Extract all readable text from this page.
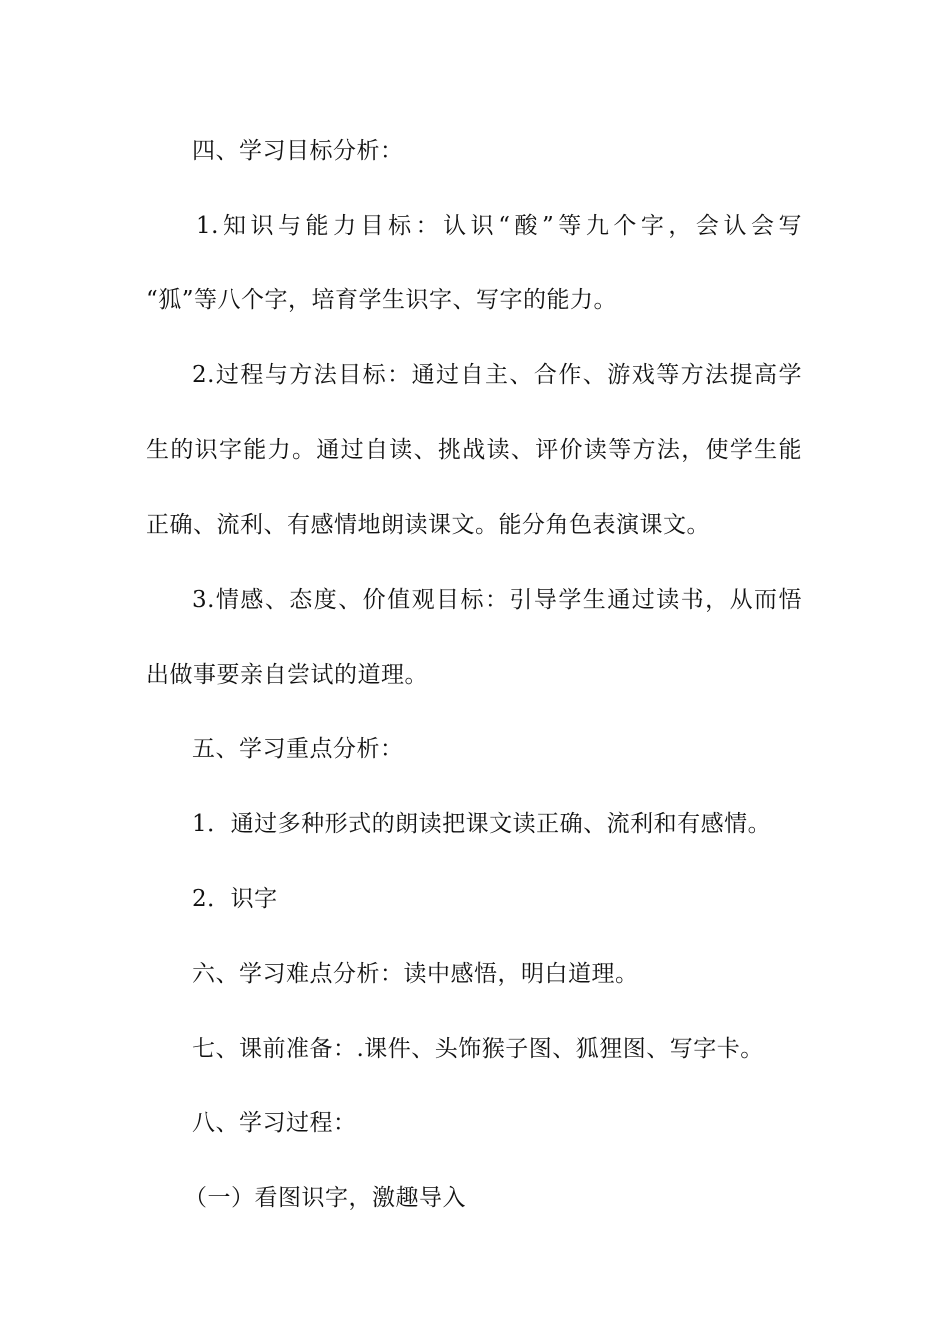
四、学习目标分析：
1.知识与能力目标：认识“酸”等九个字，会认会写
“狐”等八个字，培育学生识字、写字的能力。
2.过程与方法目标：通过自主、合作、游戏等方法提高学
生的识字能力。通过自读、挑战读、评价读等方法，使学生能
正确、流利、有感情地朗读课文。能分角色表演课文。
3.情感、态度、价值观目标：引导学生通过读书，从而悟
出做事要亲自尝试的道理。
五、学习重点分析：
1．通过多种形式的朗读把课文读正确、流利和有感情。
2．识字
六、学习难点分析：读中感悟，明白道理。
七、课前准备：.课件、头饰猴子图、狐狸图、写字卡。
八、学习过程：
（一）看图识字，激趣导入
